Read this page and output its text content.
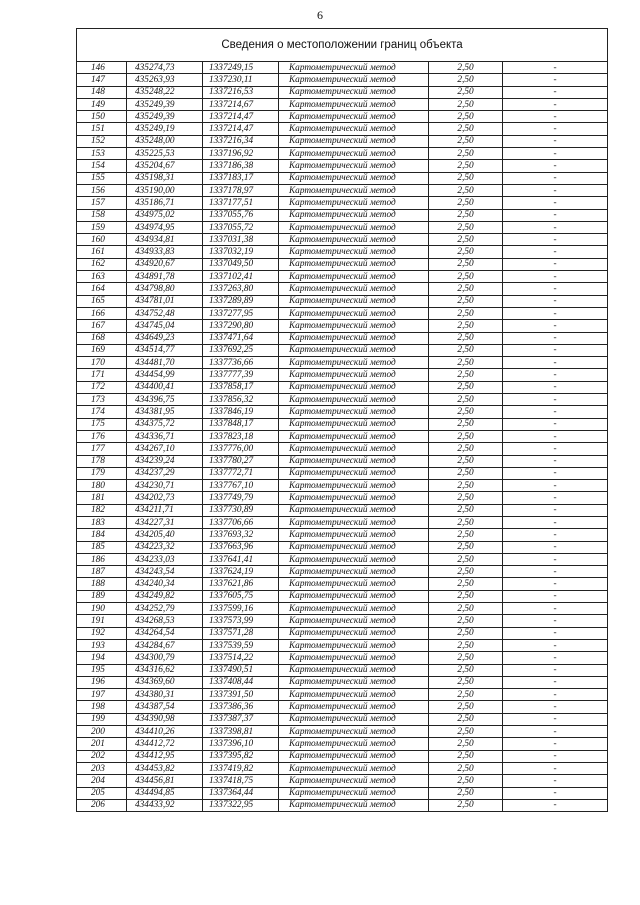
6
Сведения о местоположении границ объекта					
146	435274,73	1337249,15	Картометрический метод	2,50	-
147	435263,93	1337230,11	Картометрический метод	2,50	-
148	435248,22	1337216,53	Картометрический метод	2,50	-
149	435249,39	1337214,67	Картометрический метод	2,50	-
150	435249,39	1337214,47	Картометрический метод	2,50	-
151	435249,19	1337214,47	Картометрический метод	2,50	-
152	435248,00	1337216,34	Картометрический метод	2,50	-
153	435225,53	1337196,92	Картометрический метод	2,50	-
154	435204,67	1337186,38	Картометрический метод	2,50	-
155	435198,31	1337183,17	Картометрический метод	2,50	-
156	435190,00	1337178,97	Картометрический метод	2,50	-
157	435186,71	1337177,51	Картометрический метод	2,50	-
158	434975,02	1337055,76	Картометрический метод	2,50	-
159	434974,95	1337055,72	Картометрический метод	2,50	-
160	434934,81	1337031,38	Картометрический метод	2,50	-
161	434933,83	1337032,19	Картометрический метод	2,50	-
162	434920,67	1337049,50	Картометрический метод	2,50	-
163	434891,78	1337102,41	Картометрический метод	2,50	-
164	434798,80	1337263,80	Картометрический метод	2,50	-
165	434781,01	1337289,89	Картометрический метод	2,50	-
166	434752,48	1337277,95	Картометрический метод	2,50	-
167	434745,04	1337290,80	Картометрический метод	2,50	-
168	434649,23	1337471,64	Картометрический метод	2,50	-
169	434514,77	1337692,25	Картометрический метод	2,50	-
170	434481,70	1337736,66	Картометрический метод	2,50	-
171	434454,99	1337777,39	Картометрический метод	2,50	-
172	434400,41	1337858,17	Картометрический метод	2,50	-
173	434396,75	1337856,32	Картометрический метод	2,50	-
174	434381,95	1337846,19	Картометрический метод	2,50	-
175	434375,72	1337848,17	Картометрический метод	2,50	-
176	434336,71	1337823,18	Картометрический метод	2,50	-
177	434267,10	1337776,00	Картометрический метод	2,50	-
178	434239,24	1337780,27	Картометрический метод	2,50	-
179	434237,29	1337772,71	Картометрический метод	2,50	-
180	434230,71	1337767,10	Картометрический метод	2,50	-
181	434202,73	1337749,79	Картометрический метод	2,50	-
182	434211,71	1337730,89	Картометрический метод	2,50	-
183	434227,31	1337706,66	Картометрический метод	2,50	-
184	434205,40	1337693,32	Картометрический метод	2,50	-
185	434223,32	1337663,96	Картометрический метод	2,50	-
186	434233,03	1337641,41	Картометрический метод	2,50	-
187	434243,54	1337624,19	Картометрический метод	2,50	-
188	434240,34	1337621,86	Картометрический метод	2,50	-
189	434249,82	1337605,75	Картометрический метод	2,50	-
190	434252,79	1337599,16	Картометрический метод	2,50	-
191	434268,53	1337573,99	Картометрический метод	2,50	-
192	434264,54	1337571,28	Картометрический метод	2,50	-
193	434284,67	1337539,59	Картометрический метод	2,50	-
194	434300,79	1337514,22	Картометрический метод	2,50	-
195	434316,62	1337490,51	Картометрический метод	2,50	-
196	434369,60	1337408,44	Картометрический метод	2,50	-
197	434380,31	1337391,50	Картометрический метод	2,50	-
198	434387,54	1337386,36	Картометрический метод	2,50	-
199	434390,98	1337387,37	Картометрический метод	2,50	-
200	434410,26	1337398,81	Картометрический метод	2,50	-
201	434412,72	1337396,10	Картометрический метод	2,50	-
202	434412,95	1337395,82	Картометрический метод	2,50	-
203	434453,82	1337419,82	Картометрический метод	2,50	-
204	434456,81	1337418,75	Картометрический метод	2,50	-
205	434494,85	1337364,44	Картометрический метод	2,50	-
206	434433,92	1337322,95	Картометрический метод	2,50	-
